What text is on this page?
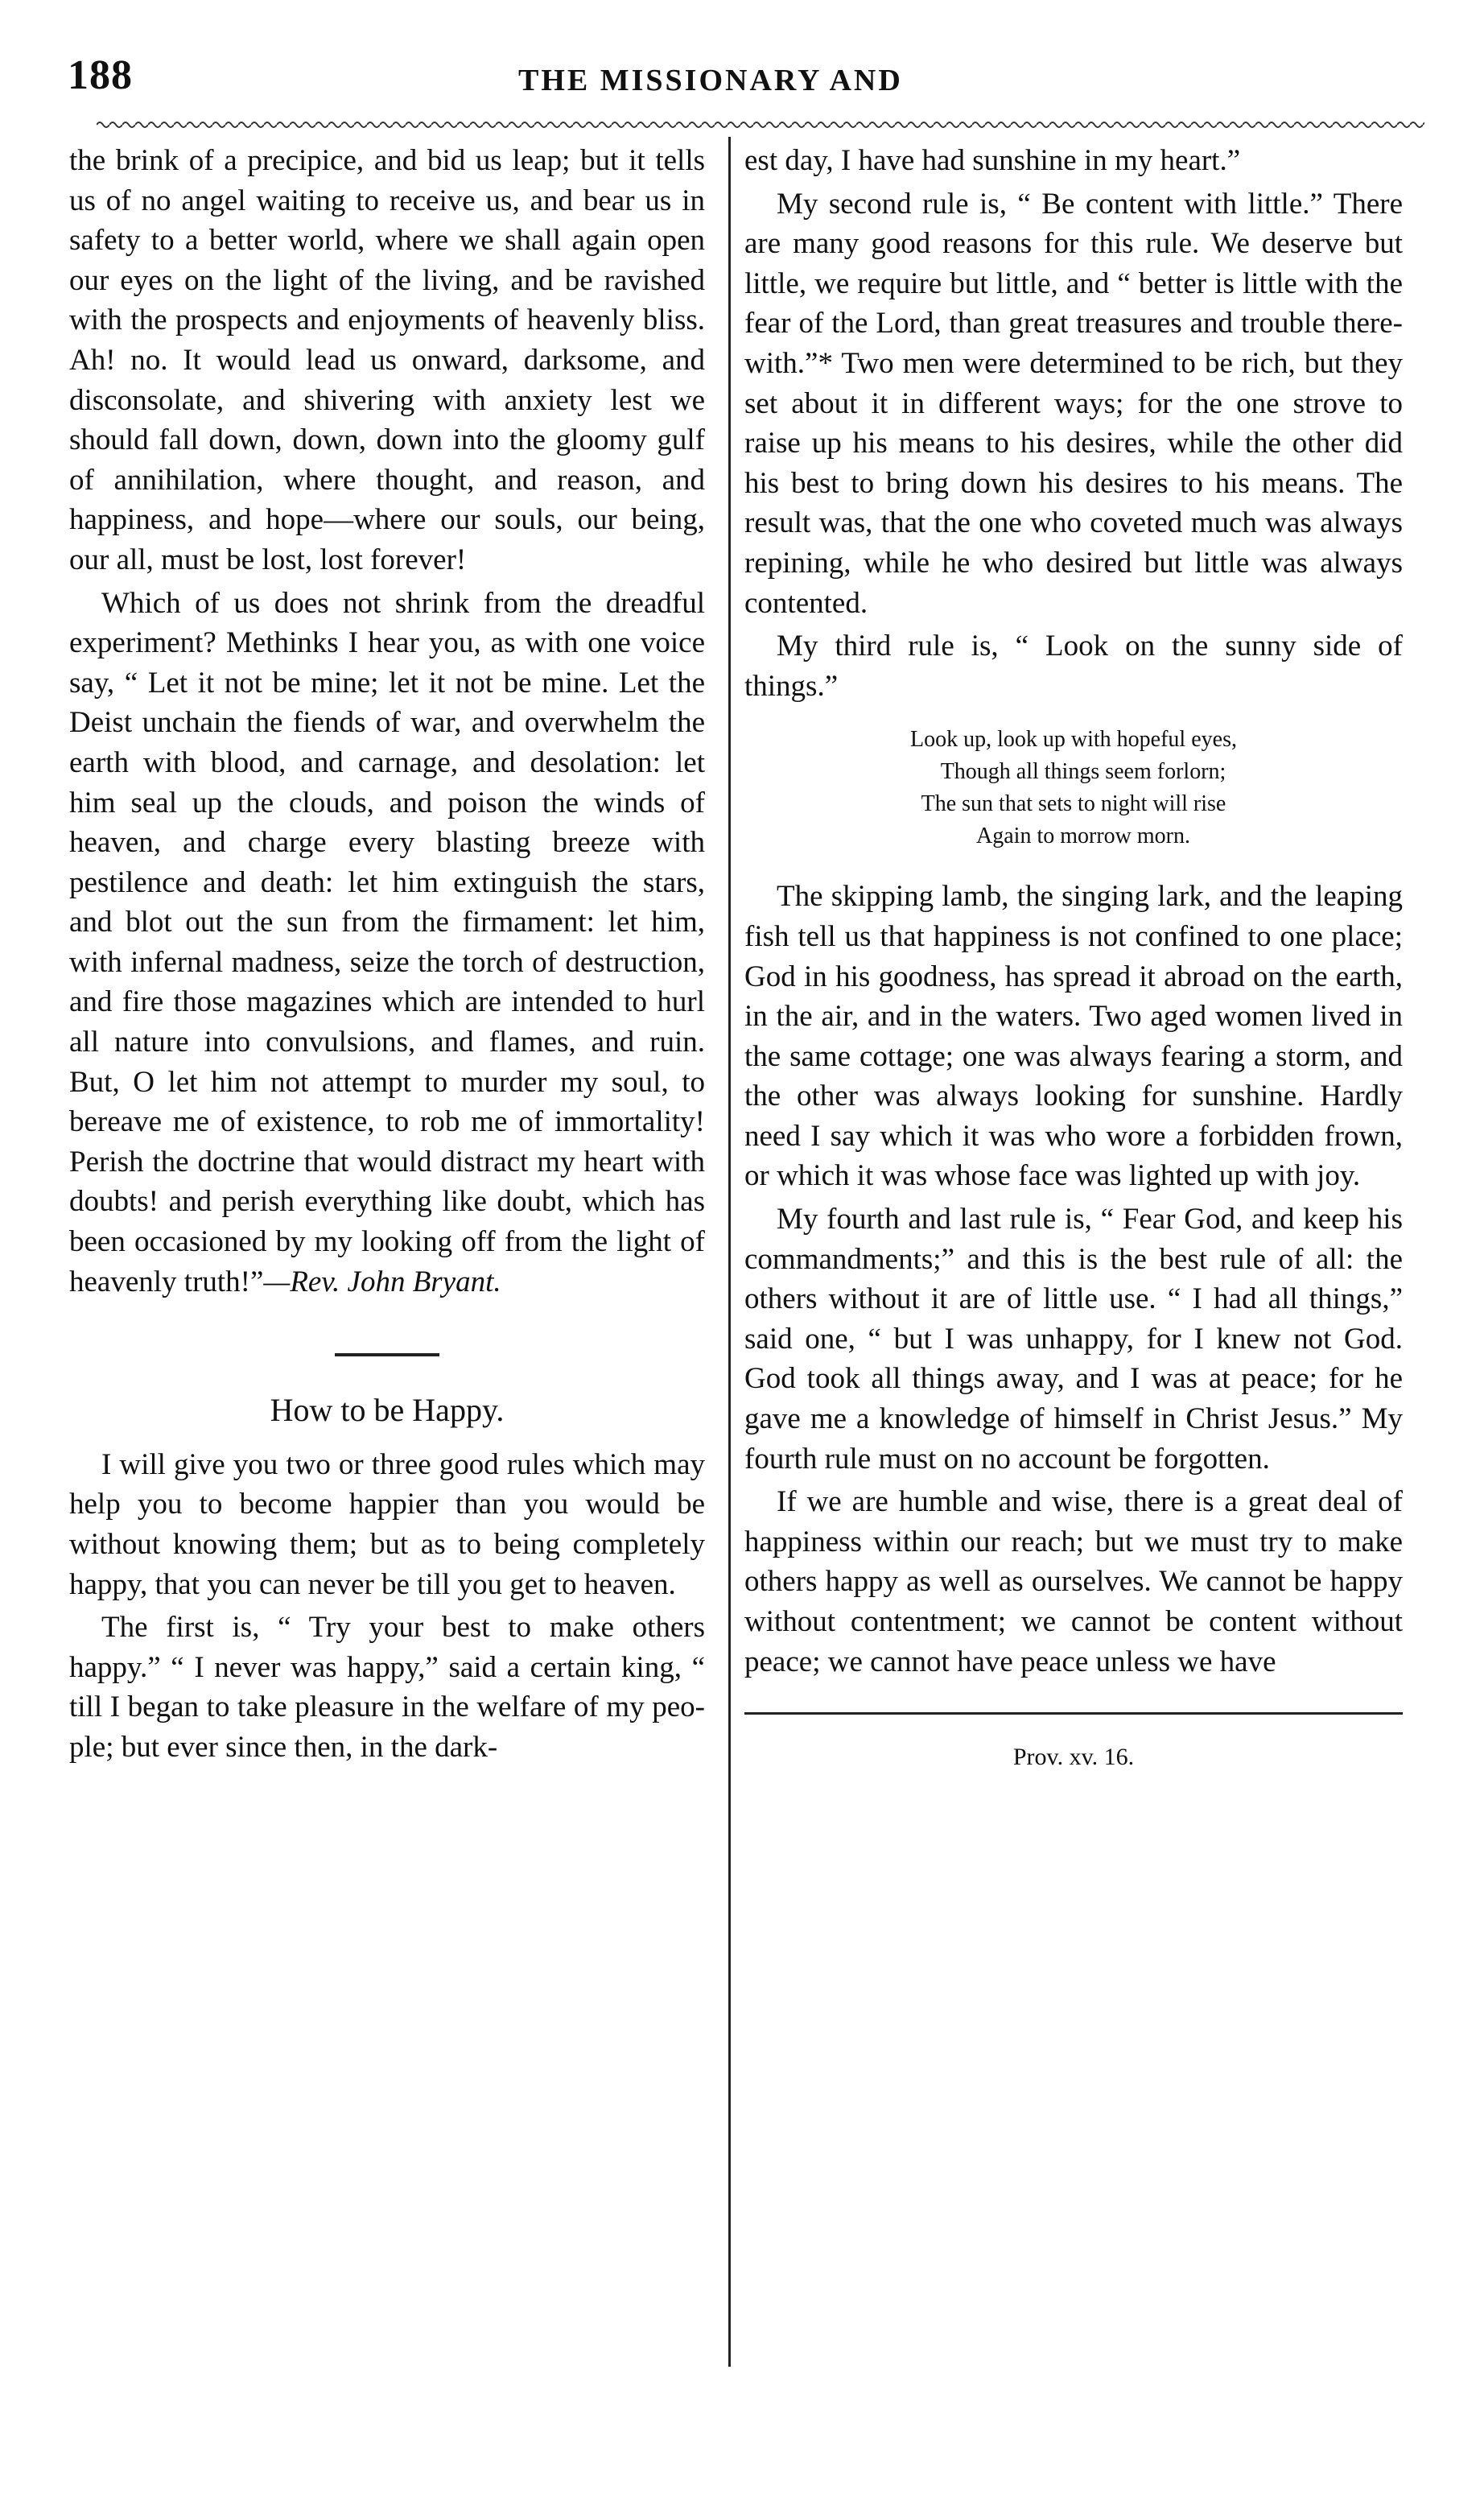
188	THE MISSIONARY AND

the brink of a precipice, and bid us leap; but it tells us of no angel waiting to receive us, and bear us in safety to a better world, where we shall again open our eyes on the light of the living, and be ravished with the prospects and enjoyments of heavenly bliss. Ah! no. It would lead us onward, darksome, and disconsolate, and shivering with anxiety lest we should fall down, down, down into the gloomy gulf of annihilation, where thought, and reason, and happiness, and hope—where our souls, our being, our all, must be lost, lost forever!

Which of us does not shrink from the dreadful experiment? Methinks I hear you, as with one voice say, “ Let it not be mine; let it not be mine. Let the Deist unchain the fiends of war, and overwhelm the earth with blood, and carnage, and desolation: let him seal up the clouds, and poison the winds of heaven, and charge every blasting breeze with pestilence and death: let him extinguish the stars, and blot out the sun from the firmament: let him, with infernal madness, seize the torch of destruction, and fire those magazines which are intended to hurl all nature into convulsions, and flames, and ruin. But, O let him not attempt to murder my soul, to bereave me of existence, to rob me of immortality! Perish the doctrine that would distract my heart with doubts! and perish everything like doubt, which has been occasioned by my looking off from the light of heavenly truth!”—Rev. John Bryant.

How to be Happy.

I will give you two or three good rules which may help you to become happier than you would be without knowing them; but as to being completely happy, that you can never be till you get to heaven.

The first is, “ Try your best to make others happy.” “ I never was happy,” said a certain king, “ till I began to take pleasure in the welfare of my people; but ever since then, in the dark-

est day, I have had sunshine in my heart.”

My second rule is, “ Be content with little.” There are many good reasons for this rule. We deserve but little, we require but little, and “ better is little with the fear of the Lord, than great treasures and trouble therewith.”* Two men were determined to be rich, but they set about it in different ways; for the one strove to raise up his means to his desires, while the other did his best to bring down his desires to his means. The result was, that the one who coveted much was always repining, while he who desired but little was always contented.

My third rule is, “ Look on the sunny side of things.”

Look up, look up with hopeful eyes,
Though all things seem forlorn;
The sun that sets to night will rise
Again to morrow morn.

The skipping lamb, the singing lark, and the leaping fish tell us that happiness is not confined to one place; God in his goodness, has spread it abroad on the earth, in the air, and in the waters. Two aged women lived in the same cottage; one was always fearing a storm, and the other was always looking for sunshine. Hardly need I say which it was who wore a forbidden frown, or which it was whose face was lighted up with joy.

My fourth and last rule is, “ Fear God, and keep his commandments;” and this is the best rule of all: the others without it are of little use. “ I had all things,” said one, “ but I was unhappy, for I knew not God. God took all things away, and I was at peace; for he gave me a knowledge of himself in Christ Jesus.” My fourth rule must on no account be forgotten.

If we are humble and wise, there is a great deal of happiness within our reach; but we must try to make others happy as well as ourselves. We cannot be happy without contentment; we cannot be content without peace; we cannot have peace unless we have

Prov. xv. 16.
